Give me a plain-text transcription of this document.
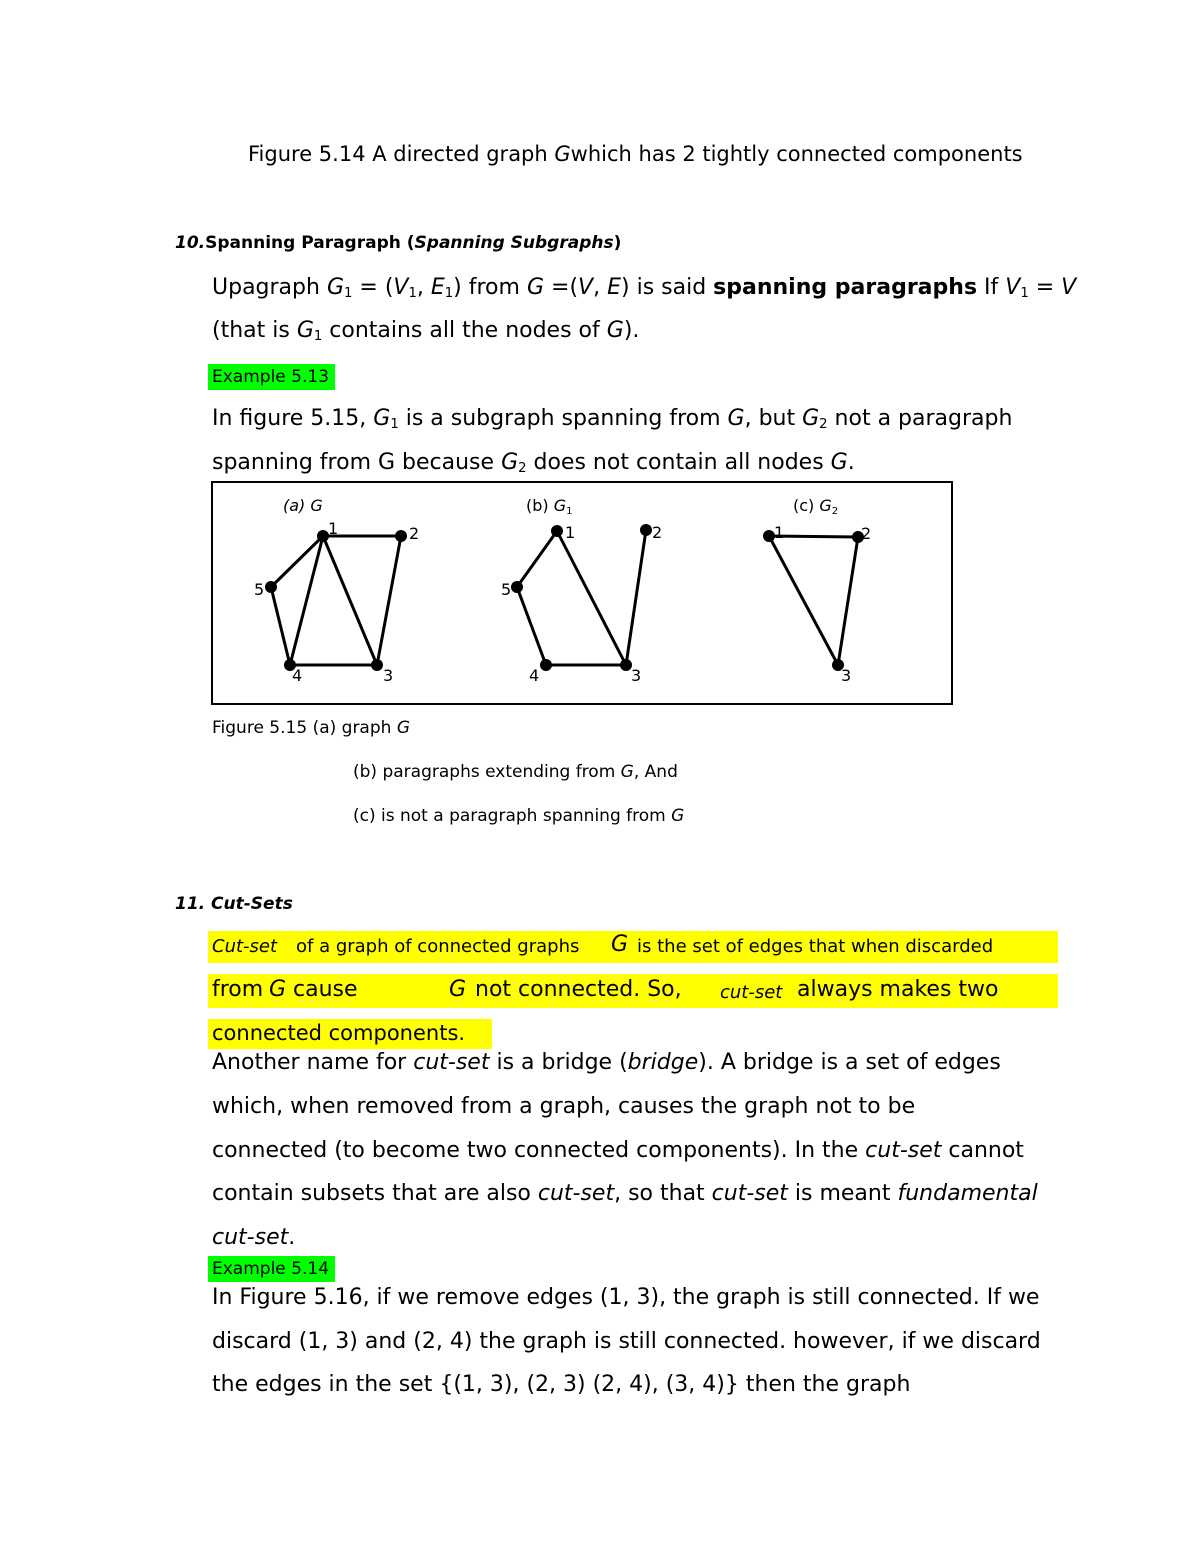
Figure 5.14 A directed graph Gwhich has 2 tightly connected components
10.Spanning Paragraph (Spanning Subgraphs)
Upagraph $G_1 = (V_1$, $E_1$) from G =(V, E) is said spanning paragraphs If $V_1 = V$
(that is $G_1$ contains all the nodes of G).
Example 5.13
In figure 5.15, $G_1$ is a subgraph spanning from G, but $G_2$ not a paragraph
spanning from G because $G_2$ does not contain all nodes G.
(a) G	(b) G1	(c) G2
1	2
3
4
5
1	2
3
4
5
1	2
3
Figure 5.15 (a) graph G
(b) paragraphs extending from G, And
(c) is not a paragraph spanning from G
11. Cut-Sets
Cut-set of a graph of connected graphs G is the set of edges that when discarded
from G cause	G not connected. So, cut-set always makes two
connected components.
Another name for cut-set is a bridge (bridge). A bridge is a set of edges
which, when removed from a graph, causes the graph not to be
connected (to become two connected components). In the cut-set cannot
contain subsets that are also cut-set, so that cut-set is meant fundamental
cut-set.
Example 5.14
In Figure 5.16, if we remove edges (1, 3), the graph is still connected. If we
discard (1, 3) and (2, 4) the graph is still connected. however, if we discard
the edges in the set {(1, 3), (2, 3) (2, 4), (3, 4)} then the graph
